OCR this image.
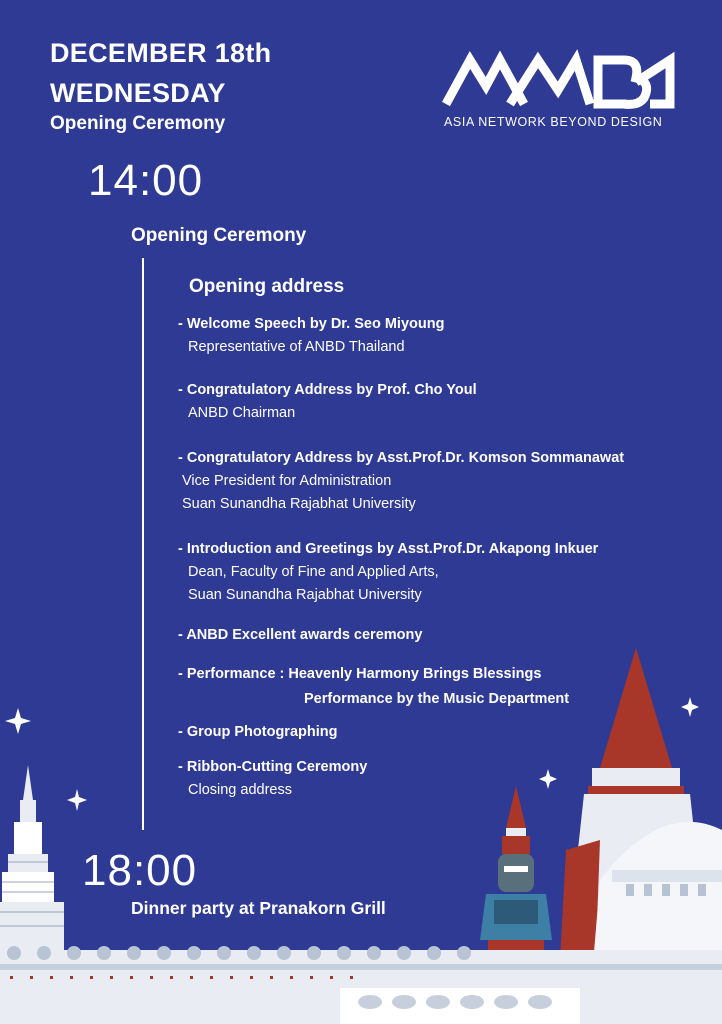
DECEMBER 18th
WEDNESDAY
Opening Ceremony	ASIA NETWORK BEYOND DESIGN
14:00
Opening Ceremony
Opening address
- Welcome Speech by Dr. Seo Miyoung
Representative of ANBD Thailand
- Congratulatory Address by Prof. Cho Youl
ANBD Chairman
- Congratulatory Address by Asst.Prof.Dr. Komson Sommanawat
Vice President for Administration
Suan Sunandha Rajabhat University
- Introduction and Greetings by Asst.Prof.Dr. Akapong Inkuer
Dean, Faculty of Fine and Applied Arts,
Suan Sunandha Rajabhat University
- ANBD Excellent awards ceremony
- Performance : Heavenly Harmony Brings Blessings
Performance by the Music Department
- Group Photographing
- Ribbon-Cutting Ceremony
Closing address
18:00
Dinner party at Pranakorn Grill
